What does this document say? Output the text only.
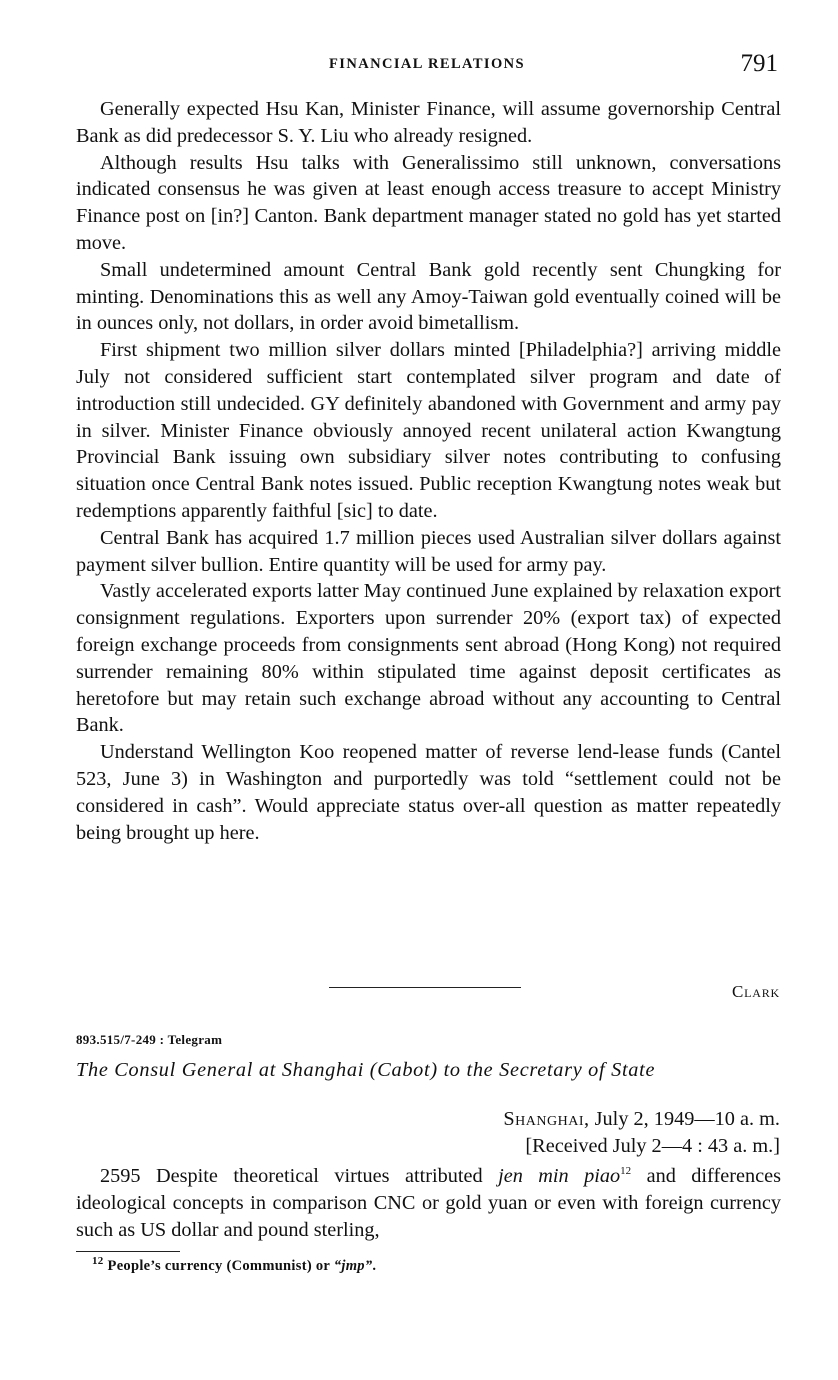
FINANCIAL RELATIONS	791

Generally expected Hsu Kan, Minister Finance, will assume governorship Central Bank as did predecessor S. Y. Liu who already resigned.

Although results Hsu talks with Generalissimo still unknown, conversations indicated consensus he was given at least enough access treasure to accept Ministry Finance post on [in?] Canton. Bank department manager stated no gold has yet started move.

Small undetermined amount Central Bank gold recently sent Chungking for minting. Denominations this as well any Amoy-Taiwan gold eventually coined will be in ounces only, not dollars, in order avoid bimetallism.

First shipment two million silver dollars minted [Philadelphia?] arriving middle July not considered sufficient start contemplated silver program and date of introduction still undecided. GY definitely abandoned with Government and army pay in silver. Minister Finance obviously annoyed recent unilateral action Kwangtung Provincial Bank issuing own subsidiary silver notes contributing to confusing situation once Central Bank notes issued. Public reception Kwangtung notes weak but redemptions apparently faithful [sic] to date.

Central Bank has acquired 1.7 million pieces used Australian silver dollars against payment silver bullion. Entire quantity will be used for army pay.

Vastly accelerated exports latter May continued June explained by relaxation export consignment regulations. Exporters upon surrender 20% (export tax) of expected foreign exchange proceeds from consignments sent abroad (Hong Kong) not required surrender remaining 80% within stipulated time against deposit certificates as heretofore but may retain such exchange abroad without any accounting to Central Bank.

Understand Wellington Koo reopened matter of reverse lend-lease funds (Cantel 523, June 3) in Washington and purportedly was told “settlement could not be considered in cash”. Would appreciate status over-all question as matter repeatedly being brought up here.

Clark
893.515/7-249 : Telegram
The Consul General at Shanghai (Cabot) to the Secretary of State
Shanghai, July 2, 1949—10 a. m.
[Received July 2—4 : 43 a. m.]

2595 Despite theoretical virtues attributed jen min piao$^{12}$ and differences ideological concepts in comparison CNC or gold yuan or even with foreign currency such as US dollar and pound sterling,

$^{12}$ People’s currency (Communist) or “jmp”.
